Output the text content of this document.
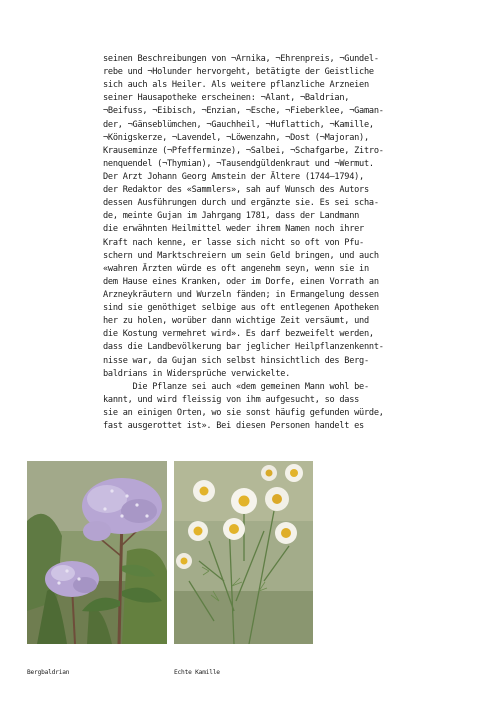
seinen Beschreibungen von ¬Arnika, ¬Ehrenpreis, ¬Gundel-
rebe und ¬Holunder hervorgeht, betätigte der Geistliche
sich auch als Heiler. Als weitere pflanzliche Arzneien
seiner Hausapotheke erscheinen: ¬Alant, ¬Baldrian,
¬Beifuss, ¬Eibisch, ¬Enzian, ¬Esche, ¬Fieberklee, ¬Gaman-
der, ¬Gänseblümchen, ¬Gauchheil, ¬Huflattich, ¬Kamille,
¬Königskerze, ¬Lavendel, ¬Löwenzahn, ¬Dost (¬Majoran),
Krauseminze (¬Pfefferminze), ¬Salbei, ¬Schafgarbe, Zitro-
nenquendel (¬Thymian), ¬Tausendgüldenkraut und ¬Wermut.
Der Arzt Johann Georg Amstein der Ältere (1744–1794),
der Redaktor des «Sammlers», sah auf Wunsch des Autors
dessen Ausführungen durch und ergänzte sie. Es sei scha-
de, meinte Gujan im Jahrgang 1781, dass der Landmann
die erwähnten Heilmittel weder ihrem Namen noch ihrer
Kraft nach kenne, er lasse sich nicht so oft von Pfu-
schern und Marktschreiern um sein Geld bringen, und auch
«wahren Ärzten würde es oft angenehm seyn, wenn sie in
dem Hause eines Kranken, oder im Dorfe, einen Vorrath an
Arzneykräutern und Wurzeln fänden; in Ermangelung dessen
sind sie genöthiget selbige aus oft entlegenen Apotheken
her zu holen, worüber dann wichtige Zeit versäumt, und
die Kostung vermehret wird». Es darf bezweifelt werden,
dass die Landbevölkerung bar jeglicher Heilpflanzenkennt-
nisse war, da Gujan sich selbst hinsichtlich des Berg-
baldrians in Widersprüche verwickelte.
Die Pflanze sei auch «dem gemeinen Mann wohl be-
kannt, und wird fleissig von ihm aufgesucht, so dass
sie an einigen Orten, wo sie sonst häufig gefunden würde,
fast ausgerottet ist». Bei diesen Personen handelt es
Bergbaldrian	Echte Kamille
